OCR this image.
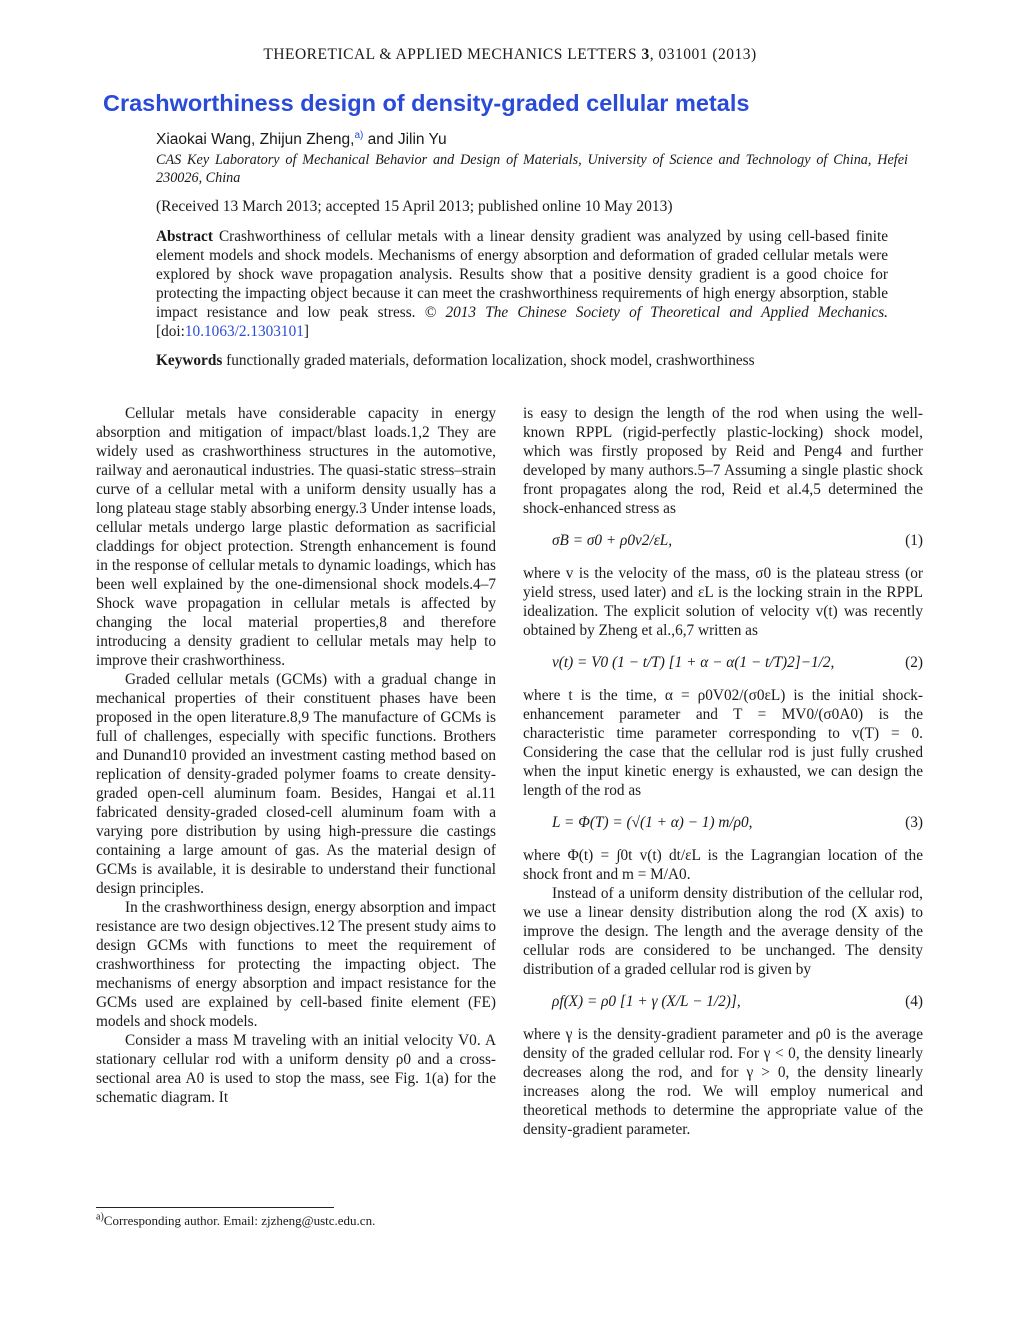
THEORETICAL & APPLIED MECHANICS LETTERS 3, 031001 (2013)
Crashworthiness design of density-graded cellular metals
Xiaokai Wang, Zhijun Zheng,$^{a)}$ and Jilin Yu
CAS Key Laboratory of Mechanical Behavior and Design of Materials, University of Science and Technology of China, Hefei 230026, China
(Received 13 March 2013; accepted 15 April 2013; published online 10 May 2013)
Abstract Crashworthiness of cellular metals with a linear density gradient was analyzed by using cell-based finite element models and shock models. Mechanisms of energy absorption and deformation of graded cellular metals were explored by shock wave propagation analysis. Results show that a positive density gradient is a good choice for protecting the impacting object because it can meet the crashworthiness requirements of high energy absorption, stable impact resistance and low peak stress. © 2013 The Chinese Society of Theoretical and Applied Mechanics. [doi:10.1063/2.1303101]
Keywords functionally graded materials, deformation localization, shock model, crashworthiness

Cellular metals have considerable capacity in energy absorption and mitigation of impact/blast loads.1,2 They are widely used as crashworthiness structures in the automotive, railway and aeronautical industries. The quasi-static stress–strain curve of a cellular metal with a uniform density usually has a long plateau stage stably absorbing energy.3 Under intense loads, cellular metals undergo large plastic deformation as sacrificial claddings for object protection. Strength enhancement is found in the response of cellular metals to dynamic loadings, which has been well explained by the one-dimensional shock models.4–7 Shock wave propagation in cellular metals is affected by changing the local material properties,8 and therefore introducing a density gradient to cellular metals may help to improve their crashworthiness.

Graded cellular metals (GCMs) with a gradual change in mechanical properties of their constituent phases have been proposed in the open literature.8,9 The manufacture of GCMs is full of challenges, especially with specific functions. Brothers and Dunand10 provided an investment casting method based on replication of density-graded polymer foams to create density-graded open-cell aluminum foam. Besides, Hangai et al.11 fabricated density-graded closed-cell aluminum foam with a varying pore distribution by using high-pressure die castings containing a large amount of gas. As the material design of GCMs is available, it is desirable to understand their functional design principles.

In the crashworthiness design, energy absorption and impact resistance are two design objectives.12 The present study aims to design GCMs with functions to meet the requirement of crashworthiness for protecting the impacting object. The mechanisms of energy absorption and impact resistance for the GCMs used are explained by cell-based finite element (FE) models and shock models.

Consider a mass M traveling with an initial velocity V0. A stationary cellular rod with a uniform density ρ0 and a cross-sectional area A0 is used to stop the mass, see Fig. 1(a) for the schematic diagram. It

is easy to design the length of the rod when using the well-known RPPL (rigid-perfectly plastic-locking) shock model, which was firstly proposed by Reid and Peng4 and further developed by many authors.5–7 Assuming a single plastic shock front propagates along the rod, Reid et al.4,5 determined the shock-enhanced stress as

σB = σ0 + ρ0v2/εL,	(1)

where v is the velocity of the mass, σ0 is the plateau stress (or yield stress, used later) and εL is the locking strain in the RPPL idealization. The explicit solution of velocity v(t) was recently obtained by Zheng et al.,6,7 written as

v(t) = V0 (1 − t/T) [1 + α − α(1 − t/T)2]−1/2,	(2)

where t is the time, α = ρ0V02/(σ0εL) is the initial shock-enhancement parameter and T = MV0/(σ0A0) is the characteristic time parameter corresponding to v(T) = 0. Considering the case that the cellular rod is just fully crushed when the input kinetic energy is exhausted, we can design the length of the rod as

L = Φ(T) = (√(1 + α) − 1) m/ρ0,	(3)

where Φ(t) = ∫0t v(t) dt/εL is the Lagrangian location of the shock front and m = M/A0.

Instead of a uniform density distribution of the cellular rod, we use a linear density distribution along the rod (X axis) to improve the design. The length and the average density of the cellular rods are considered to be unchanged. The density distribution of a graded cellular rod is given by

ρf(X) = ρ0 [1 + γ (X/L − 1/2)],	(4)

where γ is the density-gradient parameter and ρ0 is the average density of the graded cellular rod. For γ < 0, the density linearly decreases along the rod, and for γ > 0, the density linearly increases along the rod. We will employ numerical and theoretical methods to determine the appropriate value of the density-gradient parameter.

$^{a)}$Corresponding author. Email: zjzheng@ustc.edu.cn.
